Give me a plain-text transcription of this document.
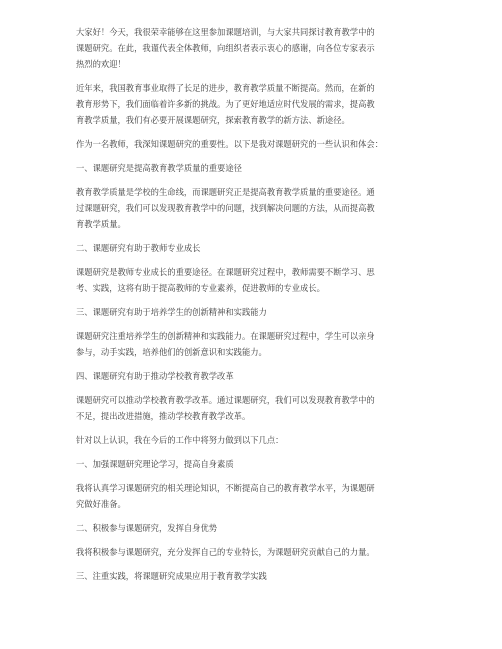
大家好！今天，我很荣幸能够在这里参加课题培训，与大家共同探讨教育教学中的
课题研究。在此，我谨代表全体教师，向组织者表示衷心的感谢，向各位专家表示
热烈的欢迎！

近年来，我国教育事业取得了长足的进步，教育教学质量不断提高。然而，在新的
教育形势下，我们面临着许多新的挑战。为了更好地适应时代发展的需求，提高教
育教学质量，我们有必要开展课题研究，探索教育教学的新方法、新途径。

作为一名教师，我深知课题研究的重要性。以下是我对课题研究的一些认识和体会：

一、课题研究是提高教育教学质量的重要途径

教育教学质量是学校的生命线，而课题研究正是提高教育教学质量的重要途径。通
过课题研究，我们可以发现教育教学中的问题，找到解决问题的方法，从而提高教
育教学质量。

二、课题研究有助于教师专业成长

课题研究是教师专业成长的重要途径。在课题研究过程中，教师需要不断学习、思
考、实践，这将有助于提高教师的专业素养，促进教师的专业成长。

三、课题研究有助于培养学生的创新精神和实践能力

课题研究注重培养学生的创新精神和实践能力。在课题研究过程中，学生可以亲身
参与，动手实践，培养他们的创新意识和实践能力。

四、课题研究有助于推动学校教育教学改革

课题研究可以推动学校教育教学改革。通过课题研究，我们可以发现教育教学中的
不足，提出改进措施，推动学校教育教学改革。

针对以上认识，我在今后的工作中将努力做到以下几点：

一、加强课题研究理论学习，提高自身素质

我将认真学习课题研究的相关理论知识，不断提高自己的教育教学水平，为课题研
究做好准备。

二、积极参与课题研究，发挥自身优势

我将积极参与课题研究，充分发挥自己的专业特长，为课题研究贡献自己的力量。

三、注重实践，将课题研究成果应用于教育教学实践
